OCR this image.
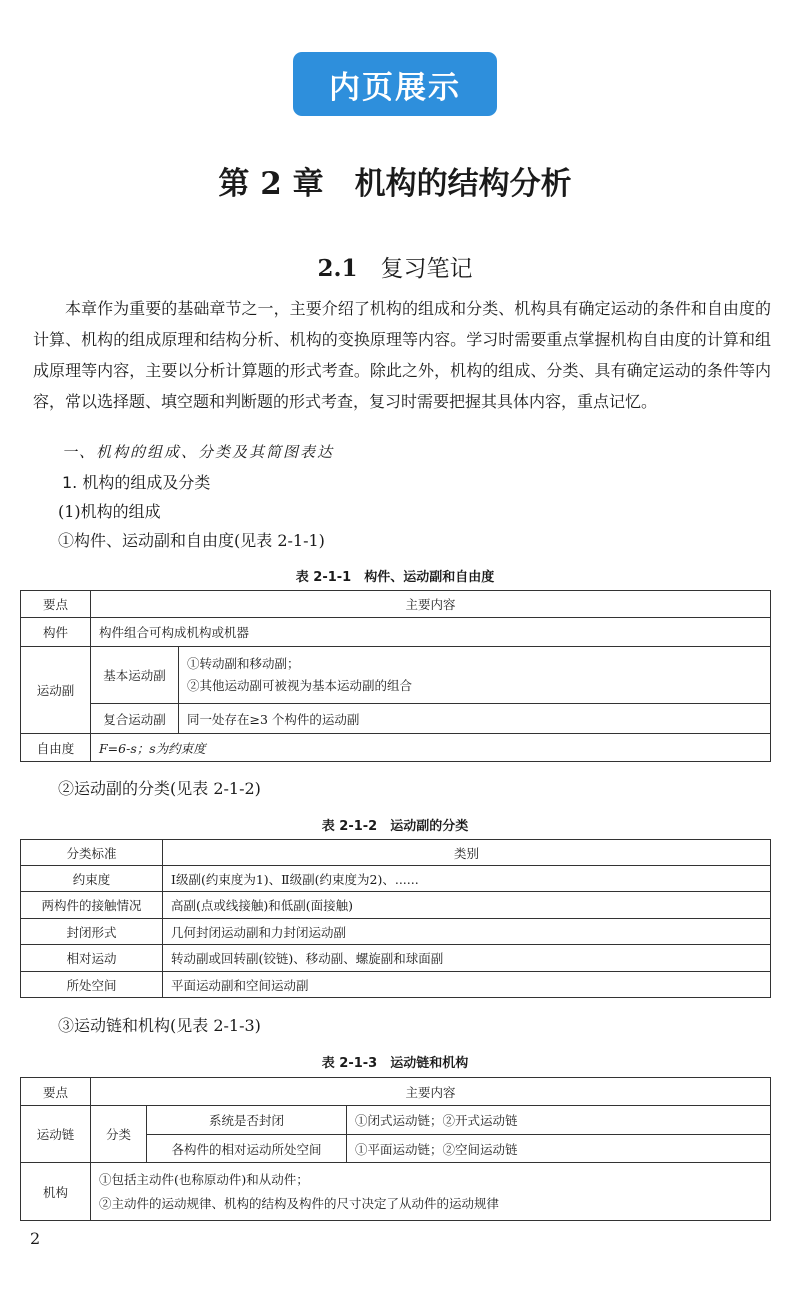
内页展示
第 2 章　机构的结构分析
2.1　 复习笔记

本章作为重要的基础章节之一，主要介绍了机构的组成和分类、机构具有确定运动的条件和自由度的计算、机构的组成原理和结构分析、机构的变换原理等内容。学习时需要重点掌握机构自由度的计算和组成原理等内容，主要以分析计算题的形式考查。除此之外，机构的组成、分类、具有确定运动的条件等内容，常以选择题、填空题和判断题的形式考查，复习时需要把握其具体内容，重点记忆。

一、机构的组成、分类及其简图表达
1. 机构的组成及分类
(1)机构的组成
①构件、运动副和自由度(见表 2-1-1)
表 2-1-1　构件、运动副和自由度
要点	主要内容	
构件	构件组合可构成机构或机器	
运动副	基本运动副	①转动副和移动副；
②其他运动副可被视为基本运动副的组合

	复合运动副	同一处存在≥3 个构件的运动副
自由度	F=6-s；s为约束度	
②运动副的分类(见表 2-1-2)
表 2-1-2　运动副的分类
分类标准	类别
约束度	Ⅰ级副(约束度为1)、Ⅱ级副(约束度为2)、......
两构件的接触情况	高副(点或线接触)和低副(面接触)
封闭形式	几何封闭运动副和力封闭运动副
相对运动	转动副或回转副(铰链)、移动副、螺旋副和球面副
所处空间	平面运动副和空间运动副
③运动链和机构(见表 2-1-3)
表 2-1-3　运动链和机构
要点	主要内容		
运动链	分类	系统是否封闭	①闭式运动链；②开式运动链
		各构件的相对运动所处空间	①平面运动链；②空间运动链
机构	①包括主动件(也称原动件)和从动件；
②主动件的运动规律、机构的结构及构件的尺寸决定了从动件的运动规律		
2
